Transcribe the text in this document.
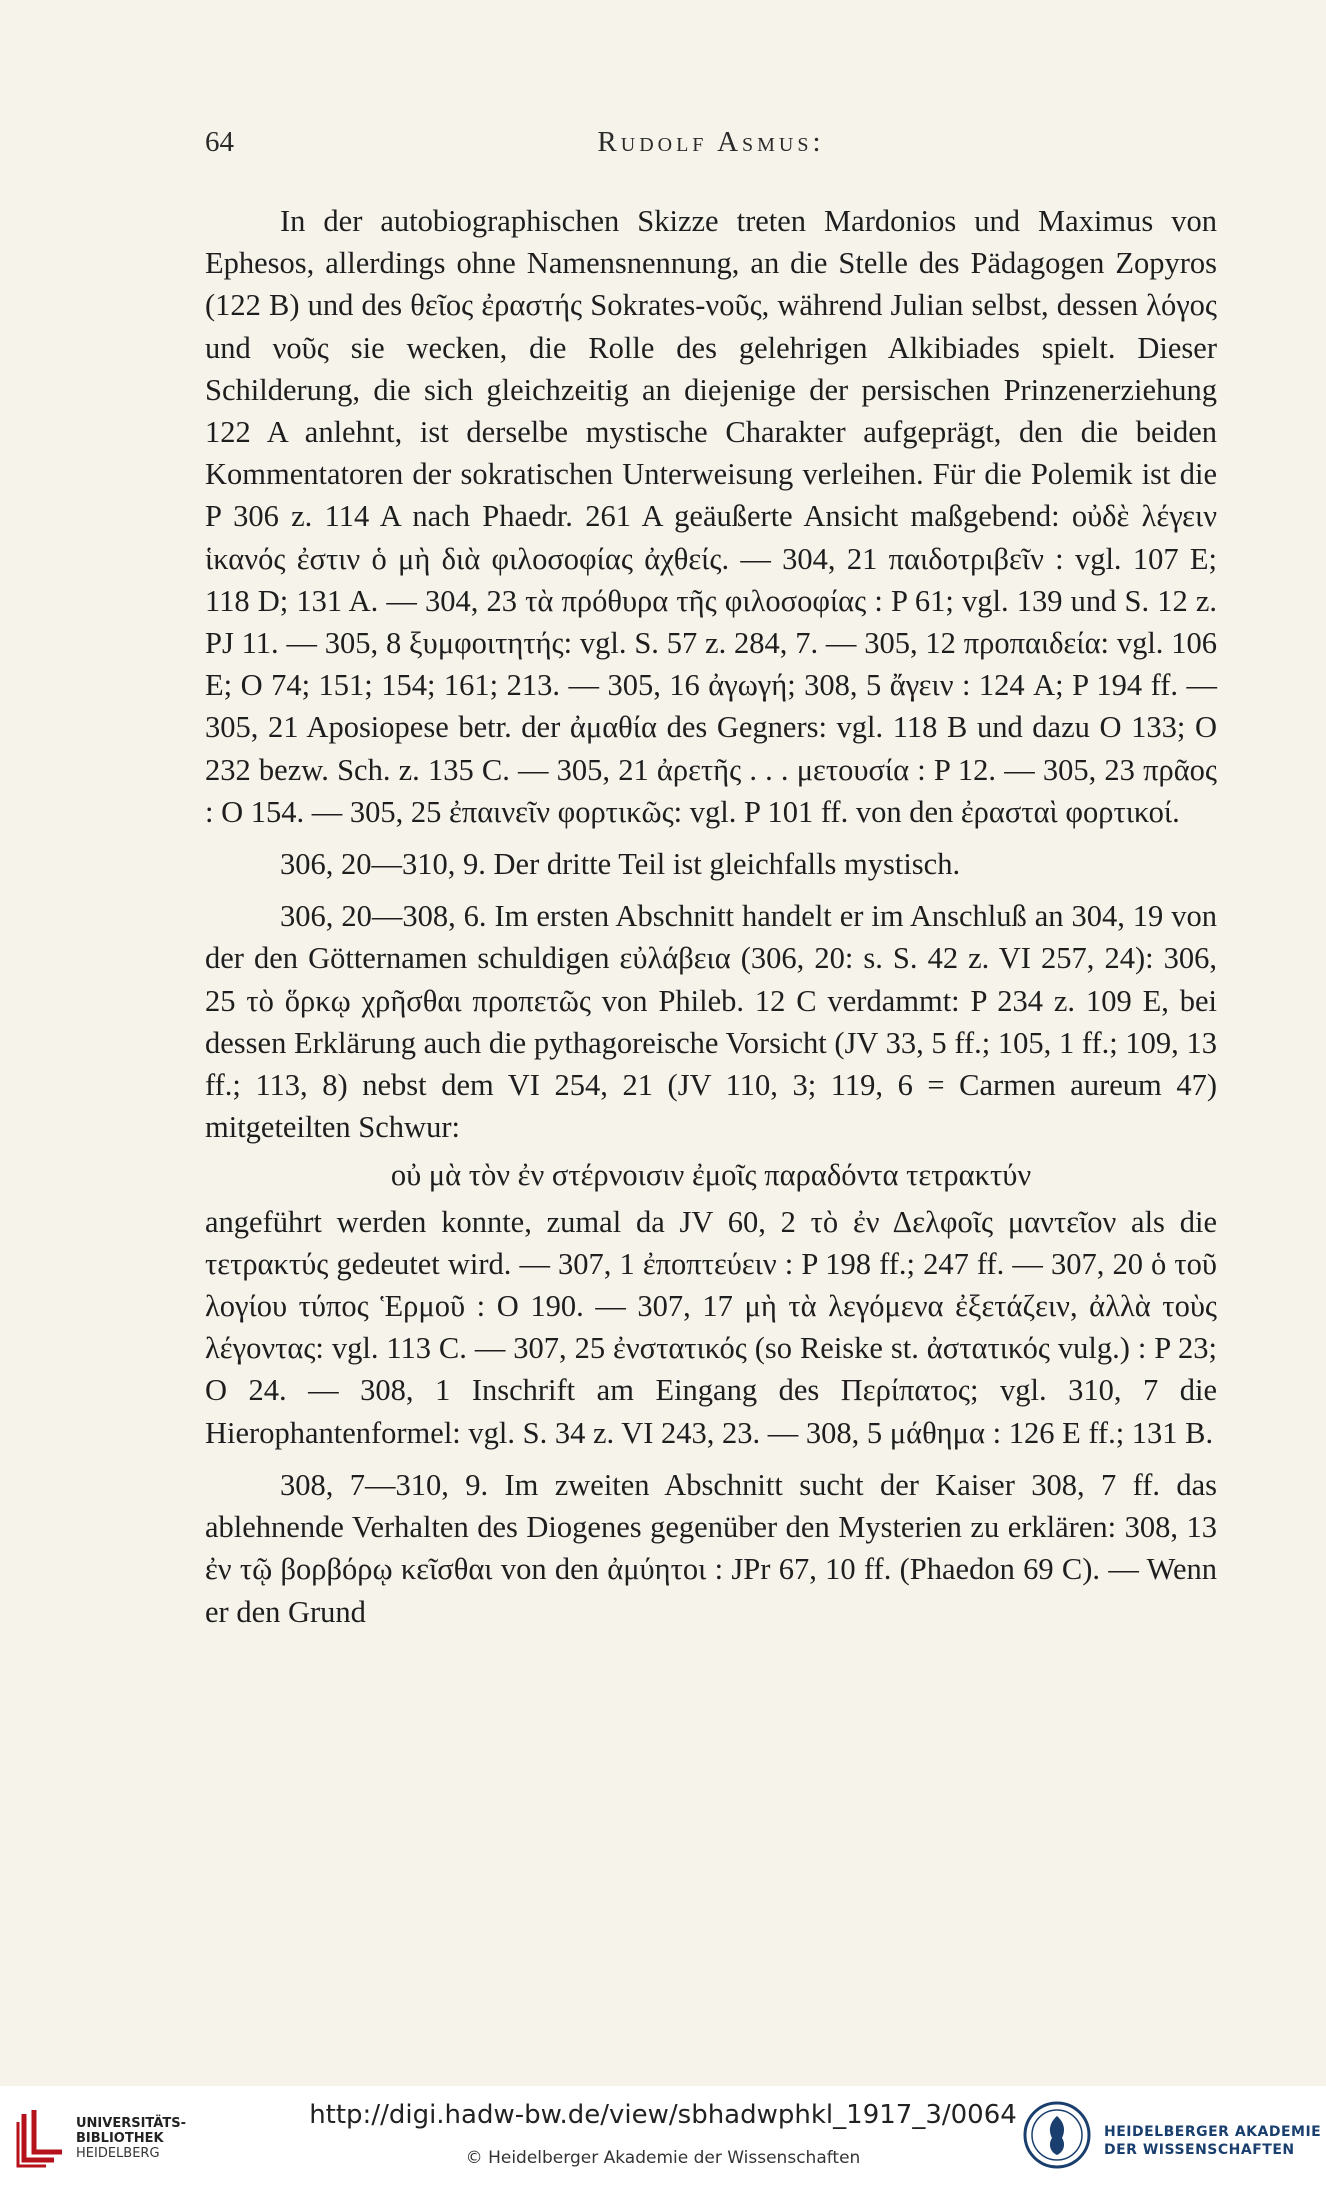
64	Rudolf Asmus:

In der autobiographischen Skizze treten Mardonios und Maximus von Ephesos, allerdings ohne Namensnennung, an die Stelle des Pädagogen Zopyros (122 B) und des θεῖος ἐραστής Sokrates-νοῦς, während Julian selbst, dessen λόγος und νοῦς sie wecken, die Rolle des gelehrigen Alkibiades spielt. Dieser Schilderung, die sich gleichzeitig an diejenige der persischen Prinzenerziehung 122 A anlehnt, ist derselbe mystische Charakter aufgeprägt, den die beiden Kommentatoren der sokratischen Unterweisung verleihen. Für die Polemik ist die P 306 z. 114 A nach Phaedr. 261 A geäußerte Ansicht maßgebend: οὐδὲ λέγειν ἱκανός ἐστιν ὁ μὴ διὰ φιλοσοφίας ἀχθείς. — 304, 21 παιδοτριβεῖν : vgl. 107 E; 118 D; 131 A. — 304, 23 τὰ πρόθυρα τῆς φιλοσοφίας : P 61; vgl. 139 und S. 12 z. PJ 11. — 305, 8 ξυμφοιτητής: vgl. S. 57 z. 284, 7. — 305, 12 προπαιδεία: vgl. 106 E; O 74; 151; 154; 161; 213. — 305, 16 ἀγωγή; 308, 5 ἄγειν : 124 A; P 194 ff. — 305, 21 Aposiopese betr. der ἀμαθία des Gegners: vgl. 118 B und dazu O 133; O 232 bezw. Sch. z. 135 C. — 305, 21 ἀρετῆς . . . μετουσία : P 12. — 305, 23 πρᾶος : O 154. — 305, 25 ἐπαινεῖν φορτικῶς: vgl. P 101 ff. von den ἐρασταὶ φορτικοί.

306, 20—310, 9. Der dritte Teil ist gleichfalls mystisch.

306, 20—308, 6. Im ersten Abschnitt handelt er im Anschluß an 304, 19 von der den Götternamen schuldigen εὐλάβεια (306, 20: s. S. 42 z. VI 257, 24): 306, 25 τὸ ὅρκῳ χρῆσθαι προπετῶς von Phileb. 12 C verdammt: P 234 z. 109 E, bei dessen Erklärung auch die pythagoreische Vorsicht (JV 33, 5 ff.; 105, 1 ff.; 109, 13 ff.; 113, 8) nebst dem VI 254, 21 (JV 110, 3; 119, 6 = Carmen aureum 47) mitgeteilten Schwur:

οὐ μὰ τὸν ἐν στέρνοισιν ἐμοῖς παραδόντα τετρακτύν

angeführt werden konnte, zumal da JV 60, 2 τὸ ἐν Δελφοῖς μαντεῖον als die τετρακτύς gedeutet wird. — 307, 1 ἐποπτεύειν : P 198 ff.; 247 ff. — 307, 20 ὁ τοῦ λογίου τύπος Ἑρμοῦ : O 190. — 307, 17 μὴ τὰ λεγόμενα ἐξετάζειν, ἀλλὰ τοὺς λέγοντας: vgl. 113 C. — 307, 25 ἐνστατικός (so Reiske st. ἀστατικός vulg.) : P 23; O 24. — 308, 1 Inschrift am Eingang des Περίπατος; vgl. 310, 7 die Hierophantenformel: vgl. S. 34 z. VI 243, 23. — 308, 5 μάθημα : 126 E ff.; 131 B.

308, 7—310, 9. Im zweiten Abschnitt sucht der Kaiser 308, 7 ff. das ablehnende Verhalten des Diogenes gegenüber den Mysterien zu erklären: 308, 13 ἐν τῷ βορβόρῳ κεῖσθαι von den ἀμύητοι : JPr 67, 10 ff. (Phaedon 69 C). — Wenn er den Grund

UNIVERSITÄTS-
BIBLIOTHEK
HEIDELBERG
http://digi.hadw-bw.de/view/sbhadwphkl_1917_3/0064
© Heidelberger Akademie der Wissenschaften
HEIDELBERGER AKADEMIE
DER WISSENSCHAFTEN
